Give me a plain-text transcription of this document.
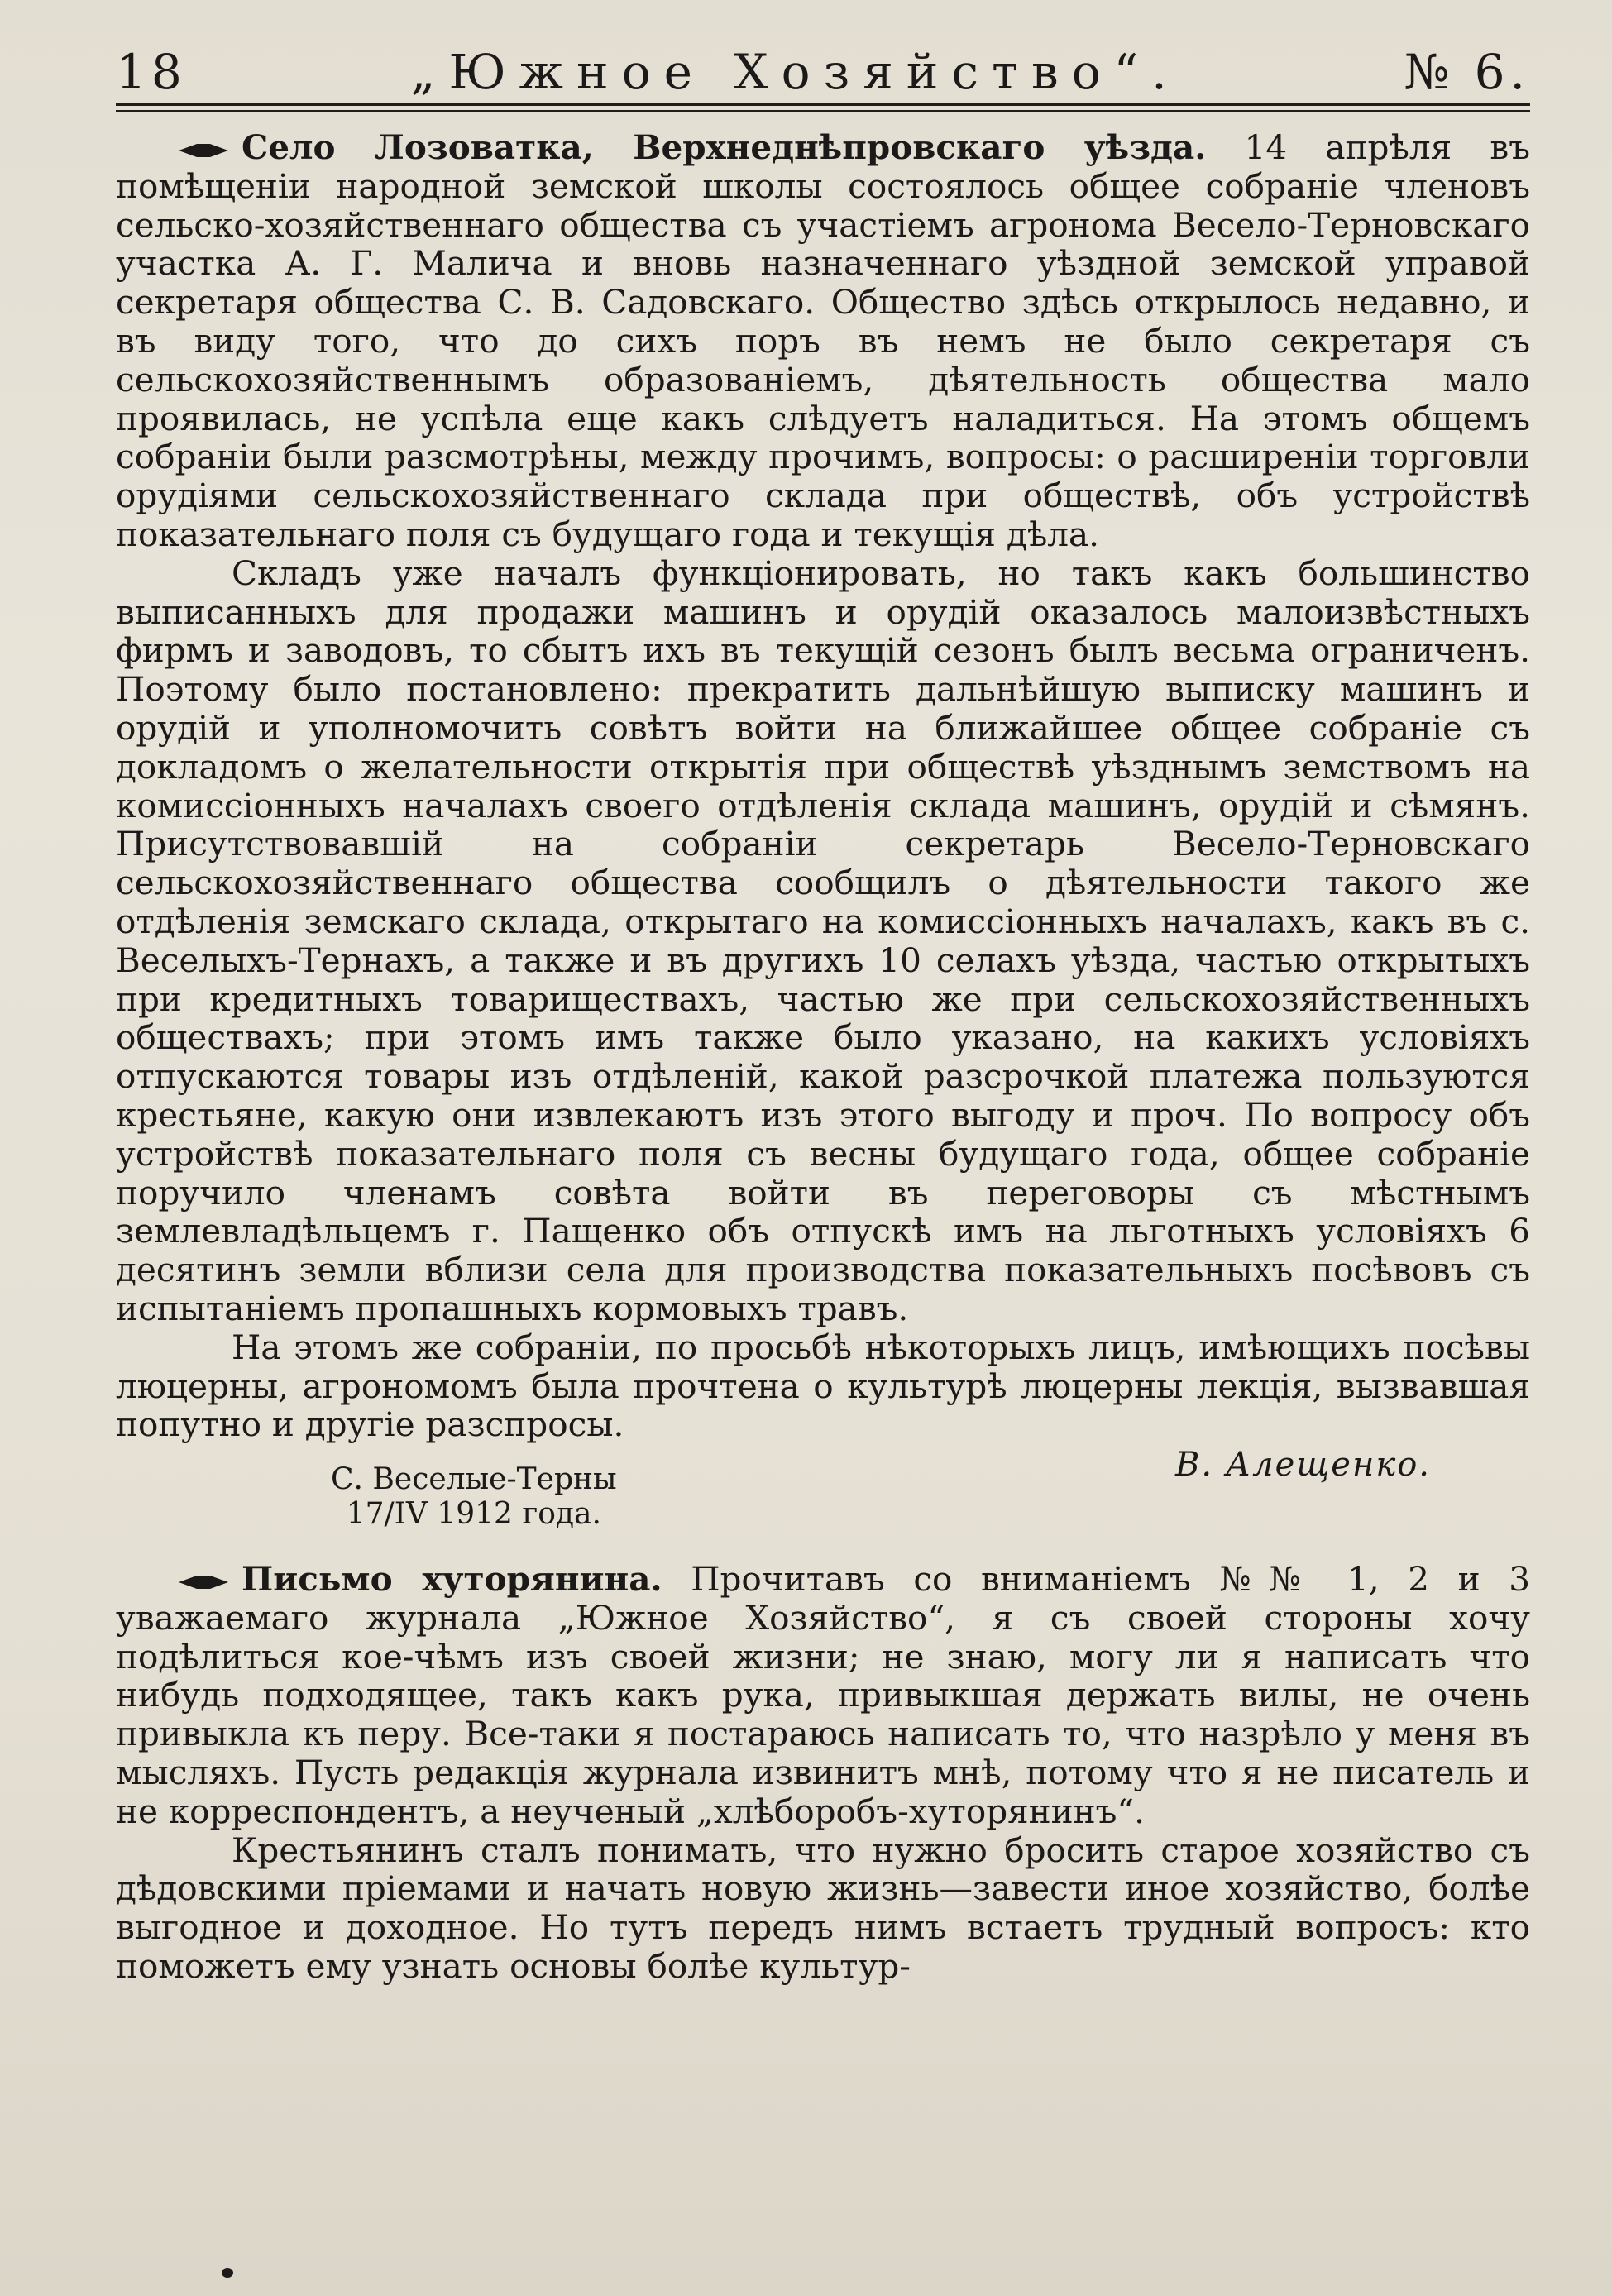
18	„Южное Хозяйство“.	№ 6.

Село Лозоватка, Верхнеднѣпровскаго уѣзда. 14 апрѣля въ помѣщеніи народной земской школы состоялось общее собраніе членовъ сельско-хозяйственнаго общества съ участіемъ агронома Весело-Терновскаго участка А. Г. Малича и вновь назначеннаго уѣздной земской управой секретаря общества С. В. Садовскаго. Общество здѣсь открылось недавно, и въ виду того, что до сихъ поръ въ немъ не было секретаря съ сельскохозяйственнымъ образованіемъ, дѣятельность общества мало проявилась, не успѣла еще какъ слѣдуетъ наладиться. На этомъ общемъ собраніи были разсмотрѣны, между прочимъ, вопросы: о расширеніи торговли орудіями сельскохозяйственнаго склада при обществѣ, объ устройствѣ показательнаго поля съ будущаго года и текущія дѣла.

Складъ уже началъ функціонировать, но такъ какъ большинство выписанныхъ для продажи машинъ и орудій оказалось малоизвѣстныхъ фирмъ и заводовъ, то сбытъ ихъ въ текущій сезонъ былъ весьма ограниченъ. Поэтому было постановлено: прекратить дальнѣйшую выписку машинъ и орудій и уполномочить совѣтъ войти на ближайшее общее собраніе съ докладомъ о желательности открытія при обществѣ уѣзднымъ земствомъ на комиссіонныхъ началахъ своего отдѣленія склада машинъ, орудій и сѣмянъ. Присутствовавшій на собраніи секретарь Весело-Терновскаго сельскохозяйственнаго общества сообщилъ о дѣятельности такого же отдѣленія земскаго склада, открытаго на комиссіонныхъ началахъ, какъ въ с. Веселыхъ-Тернахъ, а также и въ другихъ 10 селахъ уѣзда, частью открытыхъ при кредитныхъ товариществахъ, частью же при сельскохозяйственныхъ обществахъ; при этомъ имъ также было указано, на какихъ условіяхъ отпускаются товары изъ отдѣленій, какой разсрочкой платежа пользуются крестьяне, какую они извлекаютъ изъ этого выгоду и проч. По вопросу объ устройствѣ показательнаго поля съ весны будущаго года, общее собраніе поручило членамъ совѣта войти въ переговоры съ мѣстнымъ землевладѣльцемъ г. Пащенко объ отпускѣ имъ на льготныхъ условіяхъ 6 десятинъ земли вблизи села для производства показательныхъ посѣвовъ съ испытаніемъ пропашныхъ кормовыхъ травъ.

На этомъ же собраніи, по просьбѣ нѣкоторыхъ лицъ, имѣющихъ посѣвы люцерны, агрономомъ была прочтена о культурѣ люцерны лекція, вызвавшая попутно и другіе разспросы.

С. Веселые-Терны
17/IV 1912 года.
В. Алещенко.

Письмо хуторянина. Прочитавъ со вниманіемъ №№ 1, 2 и 3 уважаемаго журнала „Южное Хозяйство“, я съ своей стороны хочу подѣлиться кое-чѣмъ изъ своей жизни; не знаю, могу ли я написать что нибудь подходящее, такъ какъ рука, привыкшая держать вилы, не очень привыкла къ перу. Все-таки я постараюсь написать то, что назрѣло у меня въ мысляхъ. Пусть редакція журнала извинитъ мнѣ, потому что я не писатель и не корреспондентъ, а неученый „хлѣборобъ-хуторянинъ“.

Крестьянинъ сталъ понимать, что нужно бросить старое хозяйство съ дѣдовскими пріемами и начать новую жизнь—завести иное хозяйство, болѣе выгодное и доходное. Но тутъ передъ нимъ встаетъ трудный вопросъ: кто поможетъ ему узнать основы болѣе культур-
